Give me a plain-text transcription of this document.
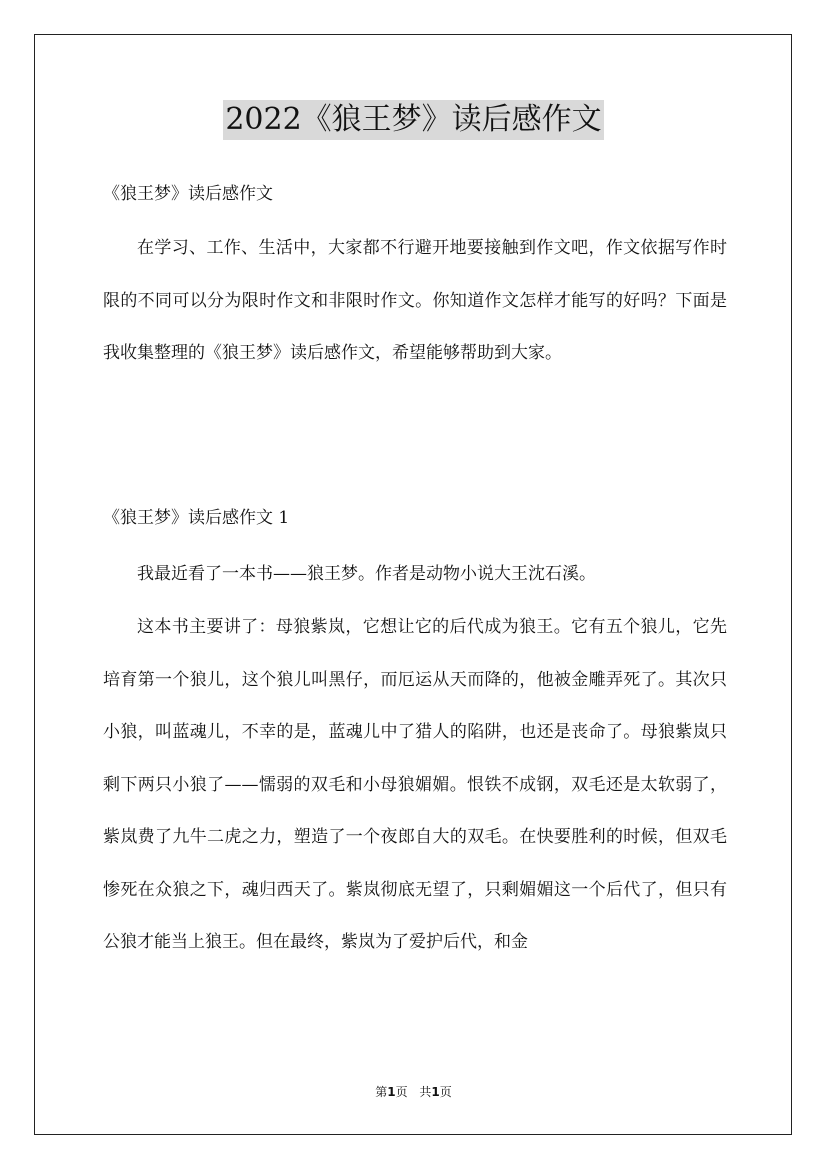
2022《狼王梦》读后感作文

《狼王梦》读后感作文

在学习、工作、生活中，大家都不行避开地要接触到作文吧，作文依据写作时限的不同可以分为限时作文和非限时作文。你知道作文怎样才能写的好吗？下面是我收集整理的《狼王梦》读后感作文，希望能够帮助到大家。

《狼王梦》读后感作文 1

我最近看了一本书——狼王梦。作者是动物小说大王沈石溪。

这本书主要讲了：母狼紫岚，它想让它的后代成为狼王。它有五个狼儿，它先培育第一个狼儿，这个狼儿叫黑仔，而厄运从天而降的，他被金雕弄死了。其次只小狼，叫蓝魂儿，不幸的是，蓝魂儿中了猎人的陷阱，也还是丧命了。母狼紫岚只剩下两只小狼了——懦弱的双毛和小母狼媚媚。恨铁不成钢，双毛还是太软弱了，紫岚费了九牛二虎之力，塑造了一个夜郎自大的双毛。在快要胜利的时候，但双毛惨死在众狼之下，魂归西天了。紫岚彻底无望了，只剩媚媚这一个后代了，但只有公狼才能当上狼王。但在最终，紫岚为了爱护后代，和金

第1页 共1页
